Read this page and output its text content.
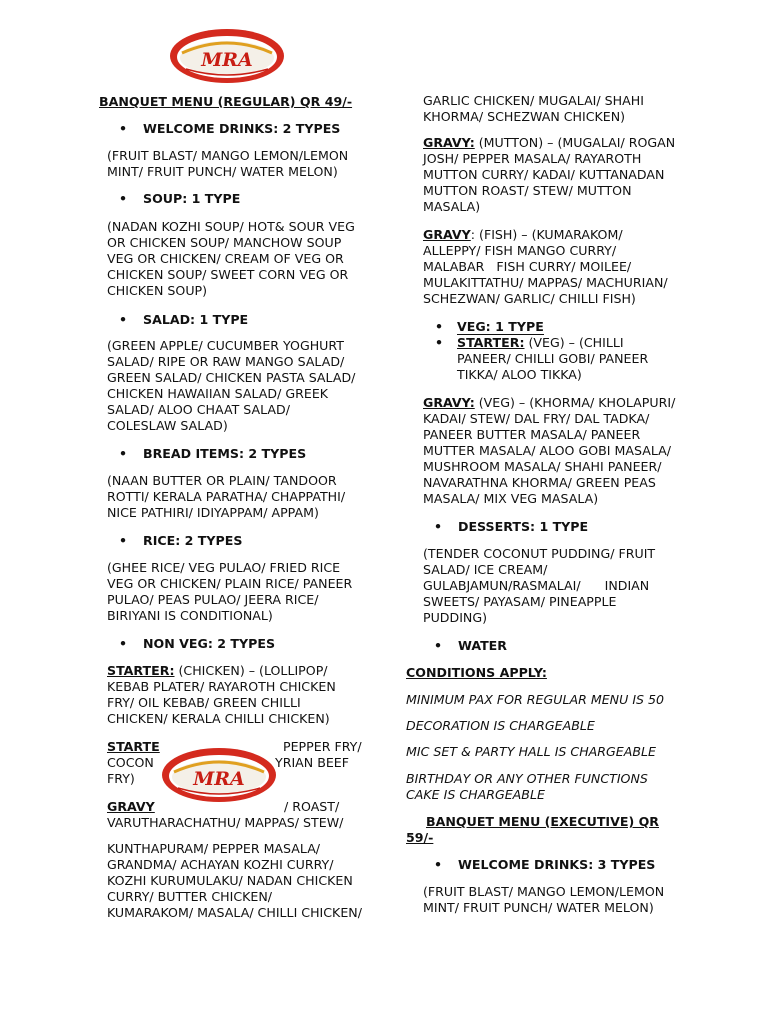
MRA
MRA
BANQUET MENU (REGULAR) QR 49/-
• WELCOME DRINKS: 2 TYPES

(FRUIT BLAST/ MANGO LEMON/LEMON

MINT/ FRUIT PUNCH/ WATER MELON)

• SOUP: 1 TYPE

(NADAN KOZHI SOUP/ HOT& SOUR VEG

OR CHICKEN SOUP/ MANCHOW SOUP

VEG OR CHICKEN/ CREAM OF VEG OR

CHICKEN SOUP/ SWEET CORN VEG OR

CHICKEN SOUP)

• SALAD: 1 TYPE

(GREEN APPLE/ CUCUMBER YOGHURT

SALAD/ RIPE OR RAW MANGO SALAD/

GREEN SALAD/ CHICKEN PASTA SALAD/

CHICKEN HAWAIIAN SALAD/ GREEK

SALAD/ ALOO CHAAT SALAD/

COLESLAW SALAD)

• BREAD ITEMS: 2 TYPES

(NAAN BUTTER OR PLAIN/ TANDOOR

ROTTI/ KERALA PARATHA/ CHAPPATHI/

NICE PATHIRI/ IDIYAPPAM/ APPAM)

• RICE: 2 TYPES

(GHEE RICE/ VEG PULAO/ FRIED RICE

VEG OR CHICKEN/ PLAIN RICE/ PANEER

PULAO/ PEAS PULAO/ JEERA RICE/

BIRIYANI IS CONDITIONAL)

• NON VEG: 2 TYPES

STARTER: (CHICKEN) – (LOLLIPOP/

KEBAB PLATER/ RAYAROTH CHICKEN

FRY/ OIL KEBAB/ GREEN CHILLI

CHICKEN/ KERALA CHILLI CHICKEN)

STARTE	PEPPER FRY/
COCON	YRIAN BEEF
FRY)
GRAVY	/ ROAST/

VARUTHARACHATHU/ MAPPAS/ STEW/

KUNTHAPURAM/ PEPPER MASALA/

GRANDMA/ ACHAYAN KOZHI CURRY/

KOZHI KURUMULAKU/ NADAN CHICKEN

CURRY/ BUTTER CHICKEN/

KUMARAKOM/ MASALA/ CHILLI CHICKEN/

GARLIC CHICKEN/ MUGALAI/ SHAHI

KHORMA/ SCHEZWAN CHICKEN)

GRAVY: (MUTTON) – (MUGALAI/ ROGAN

JOSH/ PEPPER MASALA/ RAYAROTH

MUTTON CURRY/ KADAI/ KUTTANADAN

MUTTON ROAST/ STEW/ MUTTON

MASALA)

GRAVY: (FISH) – (KUMARAKOM/

ALLEPPY/ FISH MANGO CURRY/

MALABAR   FISH CURRY/ MOILEE/

MULAKITTATHU/ MAPPAS/ MACHURIAN/

SCHEZWAN/ GARLIC/ CHILLI FISH)

• VEG: 1 TYPE
• STARTER: (VEG) – (CHILLI

PANEER/ CHILLI GOBI/ PANEER

TIKKA/ ALOO TIKKA)

GRAVY: (VEG) – (KHORMA/ KHOLAPURI/

KADAI/ STEW/ DAL FRY/ DAL TADKA/

PANEER BUTTER MASALA/ PANEER

MUTTER MASALA/ ALOO GOBI MASALA/

MUSHROOM MASALA/ SHAHI PANEER/

NAVARATHNA KHORMA/ GREEN PEAS

MASALA/ MIX VEG MASALA)

• DESSERTS: 1 TYPE

(TENDER COCONUT PUDDING/ FRUIT

SALAD/ ICE CREAM/

GULABJAMUN/RASMALAI/      INDIAN

SWEETS/ PAYASAM/ PINEAPPLE

PUDDING)

• WATER
CONDITIONS APPLY:
MINIMUM PAX FOR REGULAR MENU IS 50
DECORATION IS CHARGEABLE
MIC SET & PARTY HALL IS CHARGEABLE

BIRTHDAY OR ANY OTHER FUNCTIONS

CAKE IS CHARGEABLE

BANQUET MENU (EXECUTIVE) QR

59/-

• WELCOME DRINKS: 3 TYPES

(FRUIT BLAST/ MANGO LEMON/LEMON

MINT/ FRUIT PUNCH/ WATER MELON)
